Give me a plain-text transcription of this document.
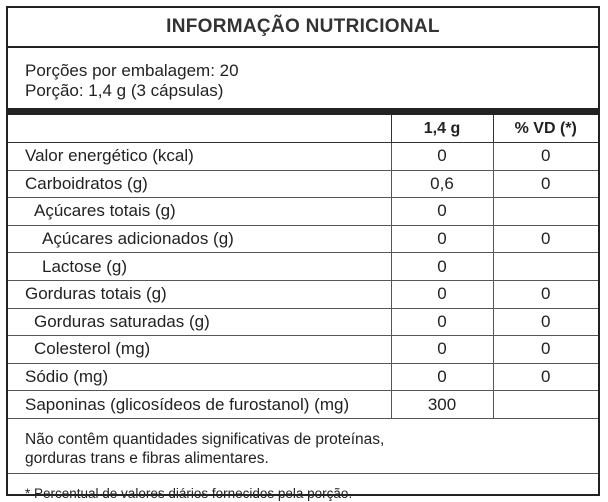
INFORMAÇÃO NUTRICIONAL
Porções por embalagem: 20
Porção: 1,4 g (3 cápsulas)
	1,4 g	% VD (*)
Valor energético (kcal)	0	0
Carboidratos (g)	0,6	0
Açúcares totais (g)	0	
Açúcares adicionados (g)	0	0
Lactose (g)	0	
Gorduras totais (g)	0	0
Gorduras saturadas (g)	0	0
Colesterol (mg)	0	0
Sódio (mg)	0	0
Saponinas (glicosídeos de furostanol) (mg)	300	
Não contêm quantidades significativas de proteínas,
gorduras trans e fibras alimentares.
* Percentual de valores diários fornecidos pela porção.
